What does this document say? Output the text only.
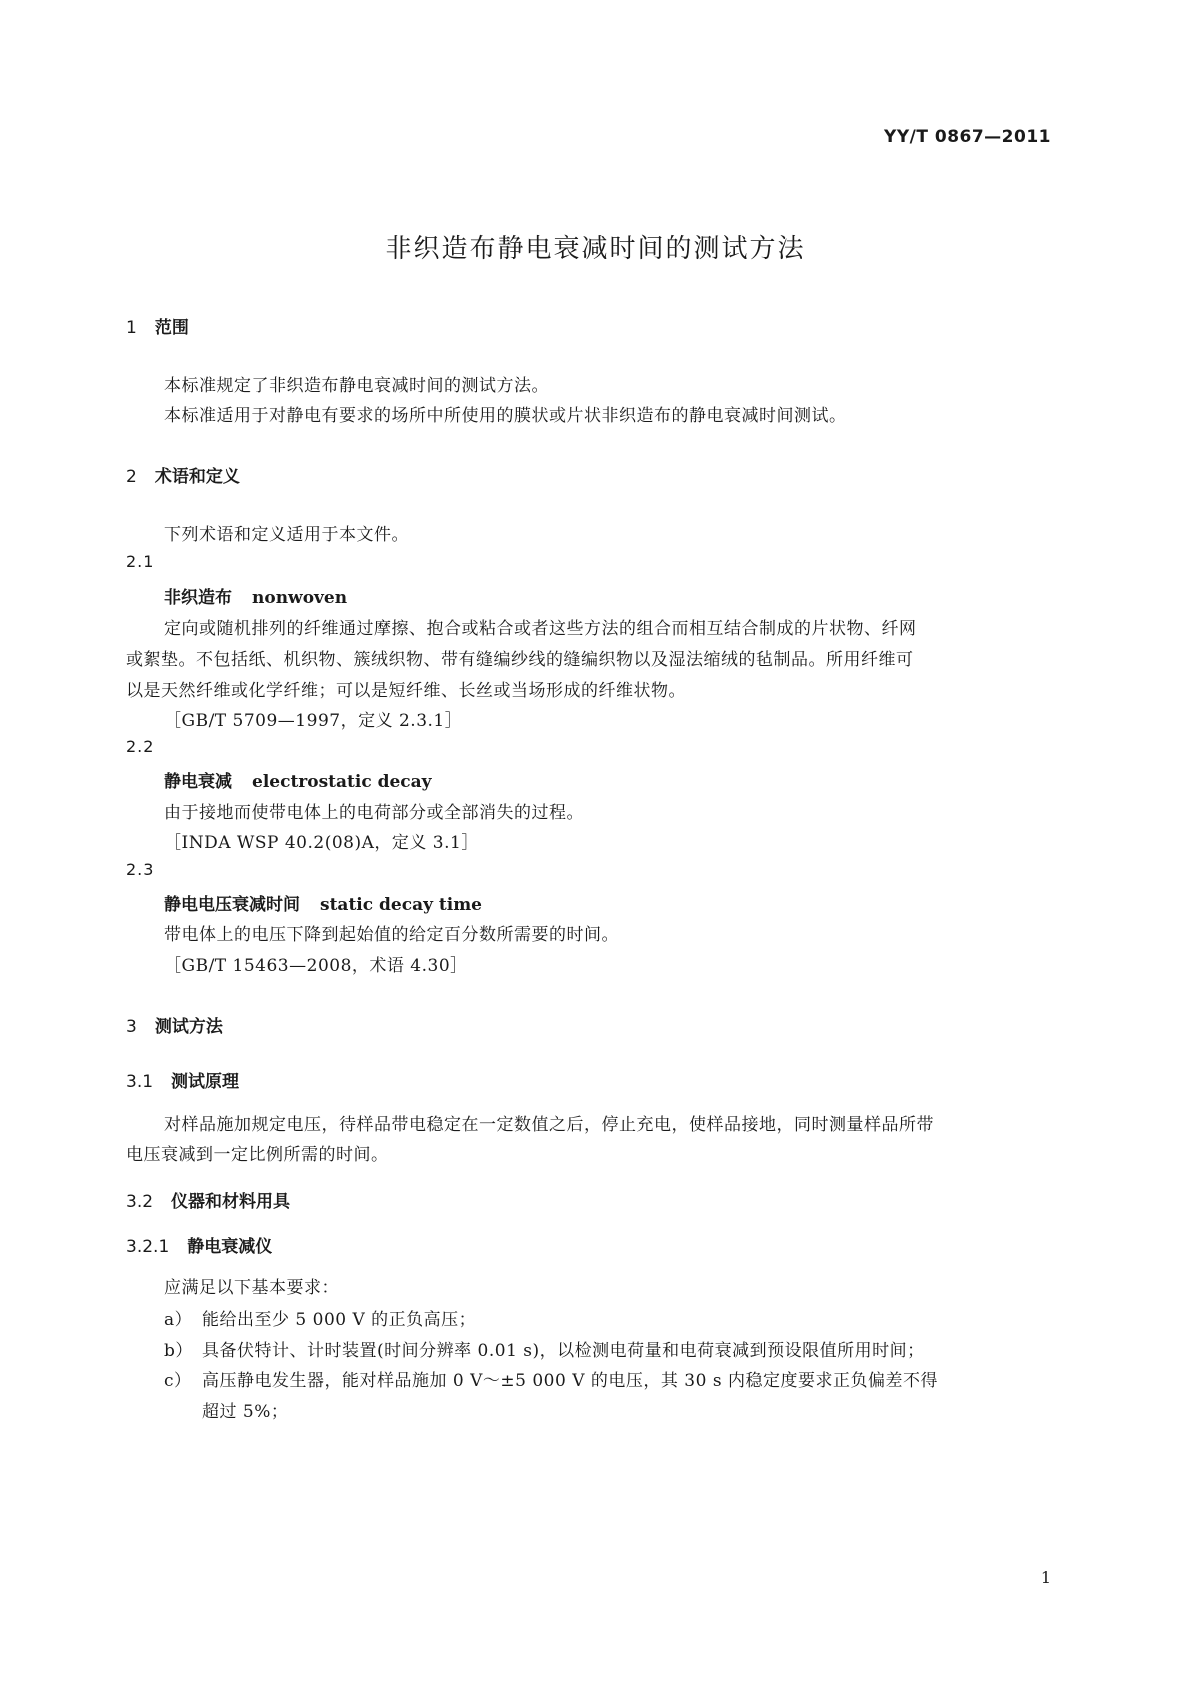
YY/T 0867—2011
非织造布静电衰减时间的测试方法
1 范围
本标准规定了非织造布静电衰减时间的测试方法。
本标准适用于对静电有要求的场所中所使用的膜状或片状非织造布的静电衰减时间测试。
2 术语和定义
下列术语和定义适用于本文件。
2.1
非织造布 nonwoven
定向或随机排列的纤维通过摩擦、抱合或粘合或者这些方法的组合而相互结合制成的片状物、纤网
或絮垫。不包括纸、机织物、簇绒织物、带有缝编纱线的缝编织物以及湿法缩绒的毡制品。所用纤维可
以是天然纤维或化学纤维；可以是短纤维、长丝或当场形成的纤维状物。
［GB/T 5709—1997，定义 2.3.1］
2.2
静电衰减 electrostatic decay
由于接地而使带电体上的电荷部分或全部消失的过程。
［INDA WSP 40.2(08)A，定义 3.1］
2.3
静电电压衰减时间 static decay time
带电体上的电压下降到起始值的给定百分数所需要的时间。
［GB/T 15463—2008，术语 4.30］
3 测试方法
3.1 测试原理
对样品施加规定电压，待样品带电稳定在一定数值之后，停止充电，使样品接地，同时测量样品所带
电压衰减到一定比例所需的时间。
3.2 仪器和材料用具
3.2.1 静电衰减仪
应满足以下基本要求：
a） 能给出至少 5 000 V 的正负高压；
b） 具备伏特计、计时装置(时间分辨率 0.01 s)，以检测电荷量和电荷衰减到预设限值所用时间；
c） 高压静电发生器，能对样品施加 0 V～±5 000 V 的电压，其 30 s 内稳定度要求正负偏差不得
超过 5%；
1
